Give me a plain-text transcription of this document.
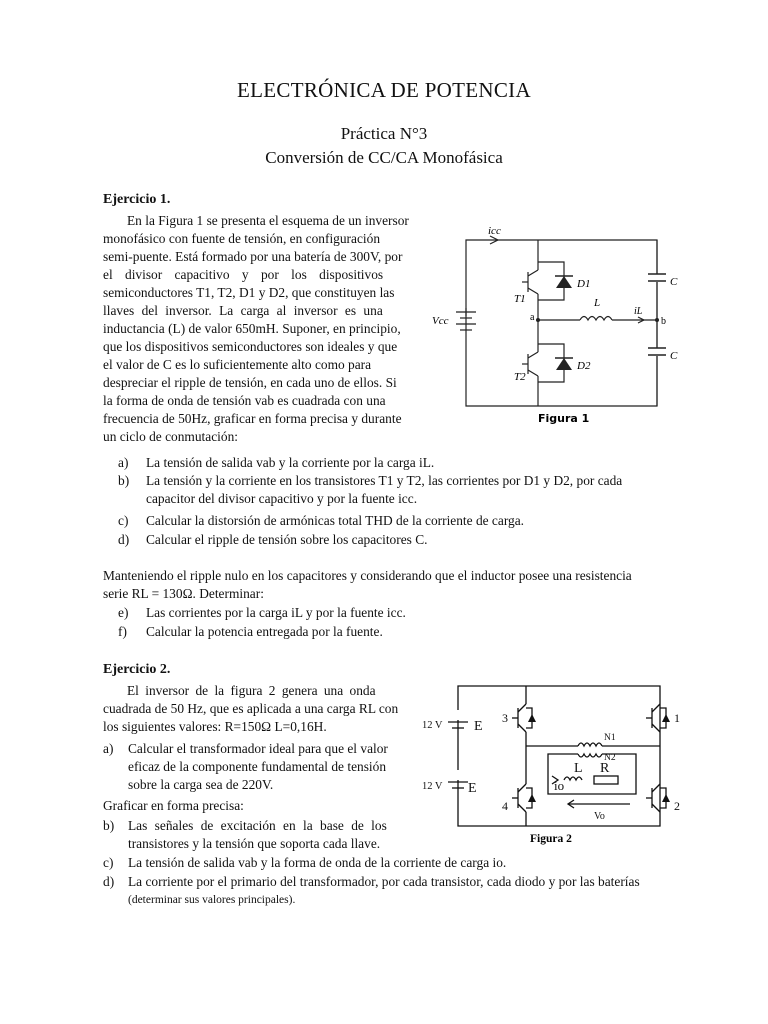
ELECTRÓNICA DE POTENCIA
Práctica N°3
Conversión de CC/CA Monofásica
Ejercicio 1.
En la Figura 1 se presenta el esquema de un inversor
monofásico con fuente de tensión, en configuración
semi-puente. Está formado por una batería de 300V, por
el divisor capacitivo y por los dispositivos
semiconductores T1, T2, D1 y D2, que constituyen las
llaves del inversor. La carga al inversor es una
inductancia (L) de valor 650mH. Suponer, en principio,
que los dispositivos semiconductores son ideales y que
el valor de C es lo suficientemente alto como para
despreciar el ripple de tensión, en cada uno de ellos. Si
la forma de onda de tensión vab es cuadrada con una
frecuencia de 50Hz, graficar en forma precisa y durante
un ciclo de conmutación:
icc
Vcc
T1
T2
D1
D2
L
iL
a	b
C
C
Figura 1
a)	La tensión de salida vab y la corriente por la carga iL.
b)	La tensión y la corriente en los transistores T1 y T2, las corrientes por D1 y D2, por cada
capacitor del divisor capacitivo y por la fuente icc.
c)	Calcular la distorsión de armónicas total THD de la corriente de carga.
d)	Calcular el ripple de tensión sobre los capacitores C.
Manteniendo el ripple nulo en los capacitores y considerando que el inductor posee una resistencia
serie RL = 130Ω. Determinar:
e)	Las corrientes por la carga iL y por la fuente icc.
f)	Calcular la potencia entregada por la fuente.
Ejercicio 2.
El inversor de la figura 2 genera una onda
cuadrada de 50 Hz, que es aplicada a una carga RL con
los siguientes valores: R=150Ω L=0,16H.
a)	Calcular el transformador ideal para que el valor
eficaz de la componente fundamental de tensión
sobre la carga sea de 220V.
Graficar en forma precisa:
b)	Las señales de excitación en la base de los
transistores y la tensión que soporta cada llave.
c)	La tensión de salida vab y la forma de onda de la corriente de carga io.
d)	La corriente por el primario del transformador, por cada transistor, cada diodo y por las baterías
(determinar sus valores principales).
12 V E
12 V E
3
4
1
2
N1
N2
io
L R
Vo
Figura 2
